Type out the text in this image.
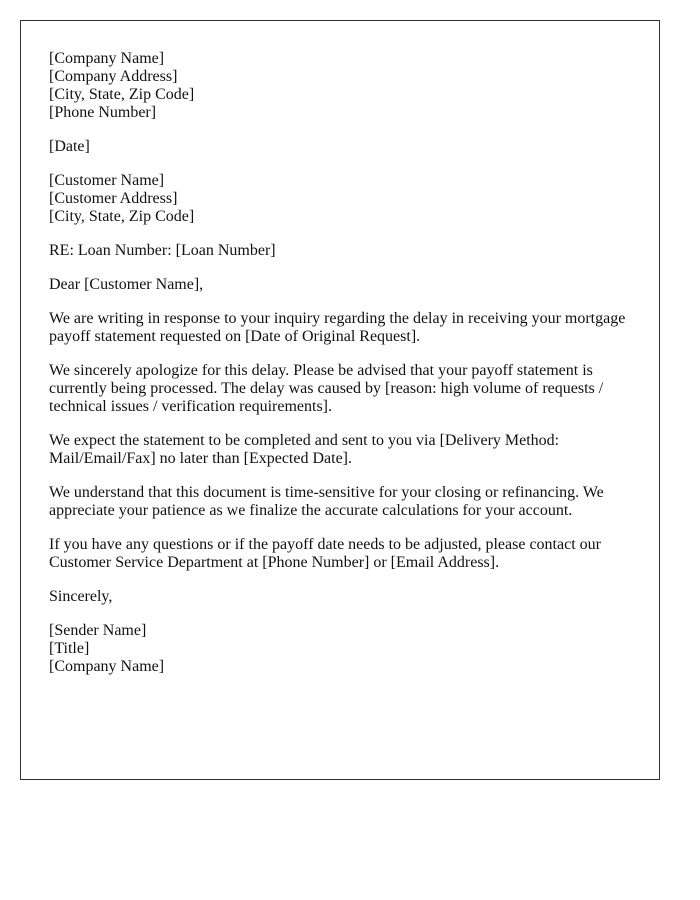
[Company Name]
[Company Address]
[City, State, Zip Code]
[Phone Number]
[Date]
[Customer Name]
[Customer Address]
[City, State, Zip Code]
RE: Loan Number: [Loan Number]
Dear [Customer Name],
We are writing in response to your inquiry regarding the delay in receiving your mortgage
payoff statement requested on [Date of Original Request].
We sincerely apologize for this delay. Please be advised that your payoff statement is
currently being processed. The delay was caused by [reason: high volume of requests /
technical issues / verification requirements].
We expect the statement to be completed and sent to you via [Delivery Method:
Mail/Email/Fax] no later than [Expected Date].
We understand that this document is time-sensitive for your closing or refinancing. We
appreciate your patience as we finalize the accurate calculations for your account.
If you have any questions or if the payoff date needs to be adjusted, please contact our
Customer Service Department at [Phone Number] or [Email Address].
Sincerely,
[Sender Name]
[Title]
[Company Name]
